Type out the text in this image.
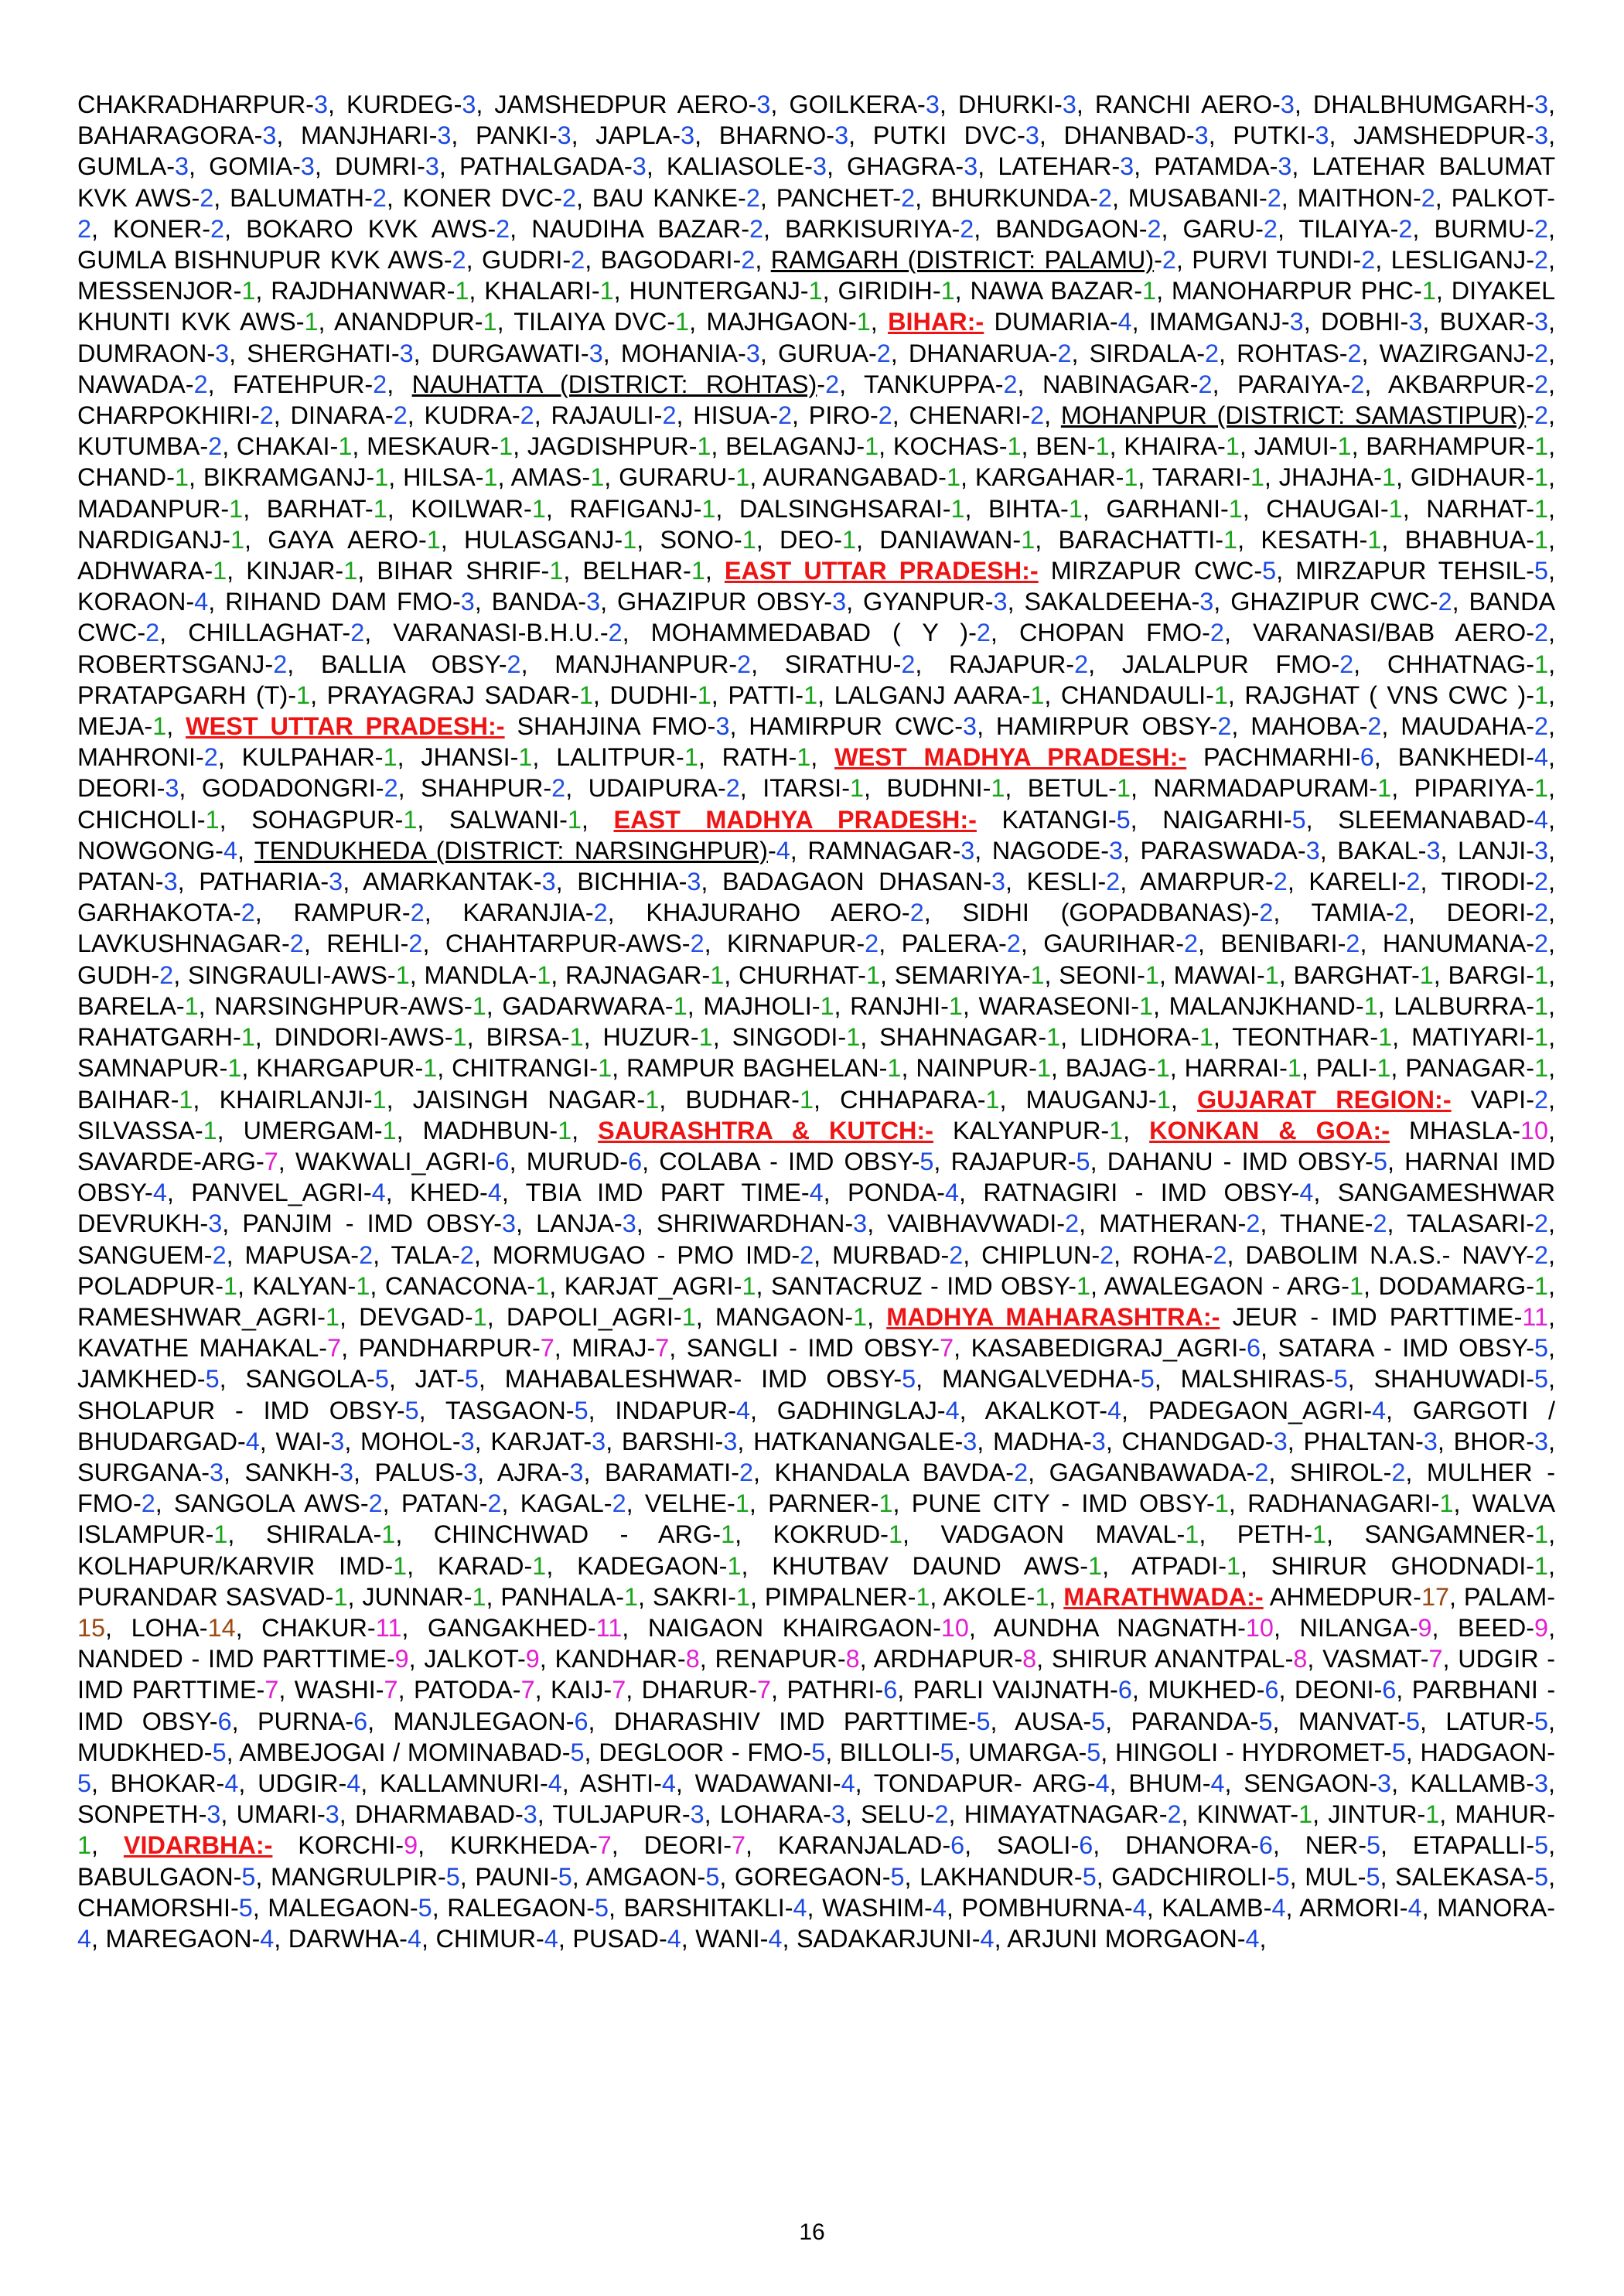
CHAKRADHARPUR-3, KURDEG-3, JAMSHEDPUR AERO-3, GOILKERA-3, DHURKI-3, RANCHI AERO-3, DHALBHUMGARH-3, BAHARAGORA-3, MANJHARI-3, PANKI-3, JAPLA-3, BHARNO-3, PUTKI DVC-3, DHANBAD-3, PUTKI-3, JAMSHEDPUR-3, GUMLA-3, GOMIA-3, DUMRI-3, PATHALGADA-3, KALIASOLE-3, GHAGRA-3, LATEHAR-3, PATAMDA-3, LATEHAR BALUMAT KVK AWS-2, BALUMATH-2, KONER DVC-2, BAU KANKE-2, PANCHET-2, BHURKUNDA-2, MUSABANI-2, MAITHON-2, PALKOT-2, KONER-2, BOKARO KVK AWS-2, NAUDIHA BAZAR-2, BARKISURIYA-2, BANDGAON-2, GARU-2, TILAIYA-2, BURMU-2, GUMLA BISHNUPUR KVK AWS-2, GUDRI-2, BAGODARI-2, RAMGARH (DISTRICT: PALAMU)-2, PURVI TUNDI-2, LESLIGANJ-2, MESSENJOR-1, RAJDHANWAR-1, KHALARI-1, HUNTERGANJ-1, GIRIDIH-1, NAWA BAZAR-1, MANOHARPUR PHC-1, DIYAKEL KHUNTI KVK AWS-1, ANANDPUR-1, TILAIYA DVC-1, MAJHGAON-1, BIHAR:- DUMARIA-4, IMAMGANJ-3, DOBHI-3, BUXAR-3, DUMRAON-3, SHERGHATI-3, DURGAWATI-3, MOHANIA-3, GURUA-2, DHANARUA-2, SIRDALA-2, ROHTAS-2, WAZIRGANJ-2, NAWADA-2, FATEHPUR-2, NAUHATTA (DISTRICT: ROHTAS)-2, TANKUPPA-2, NABINAGAR-2, PARAIYA-2, AKBARPUR-2, CHARPOKHIRI-2, DINARA-2, KUDRA-2, RAJAULI-2, HISUA-2, PIRO-2, CHENARI-2, MOHANPUR (DISTRICT: SAMASTIPUR)-2, KUTUMBA-2, CHAKAI-1, MESKAUR-1, JAGDISHPUR-1, BELAGANJ-1, KOCHAS-1, BEN-1, KHAIRA-1, JAMUI-1, BARHAMPUR-1, CHAND-1, BIKRAMGANJ-1, HILSA-1, AMAS-1, GURARU-1, AURANGABAD-1, KARGAHAR-1, TARARI-1, JHAJHA-1, GIDHAUR-1, MADANPUR-1, BARHAT-1, KOILWAR-1, RAFIGANJ-1, DALSINGHSARAI-1, BIHTA-1, GARHANI-1, CHAUGAI-1, NARHAT-1, NARDIGANJ-1, GAYA AERO-1, HULASGANJ-1, SONO-1, DEO-1, DANIAWAN-1, BARACHATTI-1, KESATH-1, BHABHUA-1, ADHWARA-1, KINJAR-1, BIHAR SHRIF-1, BELHAR-1, EAST UTTAR PRADESH:- MIRZAPUR CWC-5, MIRZAPUR TEHSIL-5, KORAON-4, RIHAND DAM FMO-3, BANDA-3, GHAZIPUR OBSY-3, GYANPUR-3, SAKALDEEHA-3, GHAZIPUR CWC-2, BANDA CWC-2, CHILLAGHAT-2, VARANASI-B.H.U.-2, MOHAMMEDABAD ( Y )-2, CHOPAN FMO-2, VARANASI/BAB AERO-2, ROBERTSGANJ-2, BALLIA OBSY-2, MANJHANPUR-2, SIRATHU-2, RAJAPUR-2, JALALPUR FMO-2, CHHATNAG-1, PRATAPGARH (T)-1, PRAYAGRAJ SADAR-1, DUDHI-1, PATTI-1, LALGANJ AARA-1, CHANDAULI-1, RAJGHAT ( VNS CWC )-1, MEJA-1, WEST UTTAR PRADESH:- SHAHJINA FMO-3, HAMIRPUR CWC-3, HAMIRPUR OBSY-2, MAHOBA-2, MAUDAHA-2, MAHRONI-2, KULPAHAR-1, JHANSI-1, LALITPUR-1, RATH-1, WEST MADHYA PRADESH:- PACHMARHI-6, BANKHEDI-4, DEORI-3, GODADONGRI-2, SHAHPUR-2, UDAIPURA-2, ITARSI-1, BUDHNI-1, BETUL-1, NARMADAPURAM-1, PIPARIYA-1, CHICHOLI-1, SOHAGPUR-1, SALWANI-1, EAST MADHYA PRADESH:- KATANGI-5, NAIGARHI-5, SLEEMANABAD-4, NOWGONG-4, TENDUKHEDA (DISTRICT: NARSINGHPUR)-4, RAMNAGAR-3, NAGODE-3, PARASWADA-3, BAKAL-3, LANJI-3, PATAN-3, PATHARIA-3, AMARKANTAK-3, BICHHIA-3, BADAGAON DHASAN-3, KESLI-2, AMARPUR-2, KARELI-2, TIRODI-2, GARHAKOTA-2, RAMPUR-2, KARANJIA-2, KHAJURAHO AERO-2, SIDHI (GOPADBANAS)-2, TAMIA-2, DEORI-2, LAVKUSHNAGAR-2, REHLI-2, CHAHTARPUR-AWS-2, KIRNAPUR-2, PALERA-2, GAURIHAR-2, BENIBARI-2, HANUMANA-2, GUDH-2, SINGRAULI-AWS-1, MANDLA-1, RAJNAGAR-1, CHURHAT-1, SEMARIYA-1, SEONI-1, MAWAI-1, BARGHAT-1, BARGI-1, BARELA-1, NARSINGHPUR-AWS-1, GADARWARA-1, MAJHOLI-1, RANJHI-1, WARASEONI-1, MALANJKHAND-1, LALBURRA-1, RAHATGARH-1, DINDORI-AWS-1, BIRSA-1, HUZUR-1, SINGODI-1, SHAHNAGAR-1, LIDHORA-1, TEONTHAR-1, MATIYARI-1, SAMNAPUR-1, KHARGAPUR-1, CHITRANGI-1, RAMPUR BAGHELAN-1, NAINPUR-1, BAJAG-1, HARRAI-1, PALI-1, PANAGAR-1, BAIHAR-1, KHAIRLANJI-1, JAISINGH NAGAR-1, BUDHAR-1, CHHAPARA-1, MAUGANJ-1, GUJARAT REGION:- VAPI-2, SILVASSA-1, UMERGAM-1, MADHBUN-1, SAURASHTRA & KUTCH:- KALYANPUR-1, KONKAN & GOA:- MHASLA-10, SAVARDE-ARG-7, WAKWALI_AGRI-6, MURUD-6, COLABA - IMD OBSY-5, RAJAPUR-5, DAHANU - IMD OBSY-5, HARNAI IMD OBSY-4, PANVEL_AGRI-4, KHED-4, TBIA IMD PART TIME-4, PONDA-4, RATNAGIRI - IMD OBSY-4, SANGAMESHWAR DEVRUKH-3, PANJIM - IMD OBSY-3, LANJA-3, SHRIWARDHAN-3, VAIBHAVWADI-2, MATHERAN-2, THANE-2, TALASARI-2, SANGUEM-2, MAPUSA-2, TALA-2, MORMUGAO - PMO IMD-2, MURBAD-2, CHIPLUN-2, ROHA-2, DABOLIM N.A.S.- NAVY-2, POLADPUR-1, KALYAN-1, CANACONA-1, KARJAT_AGRI-1, SANTACRUZ - IMD OBSY-1, AWALEGAON - ARG-1, DODAMARG-1, RAMESHWAR_AGRI-1, DEVGAD-1, DAPOLI_AGRI-1, MANGAON-1, MADHYA MAHARASHTRA:- JEUR - IMD PARTTIME-11, KAVATHE MAHAKAL-7, PANDHARPUR-7, MIRAJ-7, SANGLI - IMD OBSY-7, KASABEDIGRAJ_AGRI-6, SATARA - IMD OBSY-5, JAMKHED-5, SANGOLA-5, JAT-5, MAHABALESHWAR- IMD OBSY-5, MANGALVEDHA-5, MALSHIRAS-5, SHAHUWADI-5, SHOLAPUR - IMD OBSY-5, TASGAON-5, INDAPUR-4, GADHINGLAJ-4, AKALKOT-4, PADEGAON_AGRI-4, GARGOTI / BHUDARGAD-4, WAI-3, MOHOL-3, KARJAT-3, BARSHI-3, HATKANANGALE-3, MADHA-3, CHANDGAD-3, PHALTAN-3, BHOR-3, SURGANA-3, SANKH-3, PALUS-3, AJRA-3, BARAMATI-2, KHANDALA BAVDA-2, GAGANBAWADA-2, SHIROL-2, MULHER - FMO-2, SANGOLA AWS-2, PATAN-2, KAGAL-2, VELHE-1, PARNER-1, PUNE CITY - IMD OBSY-1, RADHANAGARI-1, WALVA ISLAMPUR-1, SHIRALA-1, CHINCHWAD - ARG-1, KOKRUD-1, VADGAON MAVAL-1, PETH-1, SANGAMNER-1, KOLHAPUR/KARVIR IMD-1, KARAD-1, KADEGAON-1, KHUTBAV DAUND AWS-1, ATPADI-1, SHIRUR GHODNADI-1, PURANDAR SASVAD-1, JUNNAR-1, PANHALA-1, SAKRI-1, PIMPALNER-1, AKOLE-1, MARATHWADA:- AHMEDPUR-17, PALAM-15, LOHA-14, CHAKUR-11, GANGAKHED-11, NAIGAON KHAIRGAON-10, AUNDHA NAGNATH-10, NILANGA-9, BEED-9, NANDED - IMD PARTTIME-9, JALKOT-9, KANDHAR-8, RENAPUR-8, ARDHAPUR-8, SHIRUR ANANTPAL-8, VASMAT-7, UDGIR - IMD PARTTIME-7, WASHI-7, PATODA-7, KAIJ-7, DHARUR-7, PATHRI-6, PARLI VAIJNATH-6, MUKHED-6, DEONI-6, PARBHANI - IMD OBSY-6, PURNA-6, MANJLEGAON-6, DHARASHIV IMD PARTTIME-5, AUSA-5, PARANDA-5, MANVAT-5, LATUR-5, MUDKHED-5, AMBEJOGAI / MOMINABAD-5, DEGLOOR - FMO-5, BILLOLI-5, UMARGA-5, HINGOLI - HYDROMET-5, HADGAON-5, BHOKAR-4, UDGIR-4, KALLAMNURI-4, ASHTI-4, WADAWANI-4, TONDAPUR- ARG-4, BHUM-4, SENGAON-3, KALLAMB-3, SONPETH-3, UMARI-3, DHARMABAD-3, TULJAPUR-3, LOHARA-3, SELU-2, HIMAYATNAGAR-2, KINWAT-1, JINTUR-1, MAHUR-1, VIDARBHA:- KORCHI-9, KURKHEDA-7, DEORI-7, KARANJALAD-6, SAOLI-6, DHANORA-6, NER-5, ETAPALLI-5, BABULGAON-5, MANGRULPIR-5, PAUNI-5, AMGAON-5, GOREGAON-5, LAKHANDUR-5, GADCHIROLI-5, MUL-5, SALEKASA-5, CHAMORSHI-5, MALEGAON-5, RALEGAON-5, BARSHITAKLI-4, WASHIM-4, POMBHURNA-4, KALAMB-4, ARMORI-4, MANORA-4, MAREGAON-4, DARWHA-4, CHIMUR-4, PUSAD-4, WANI-4, SADAKARJUNI-4, ARJUNI MORGAON-4,
16
